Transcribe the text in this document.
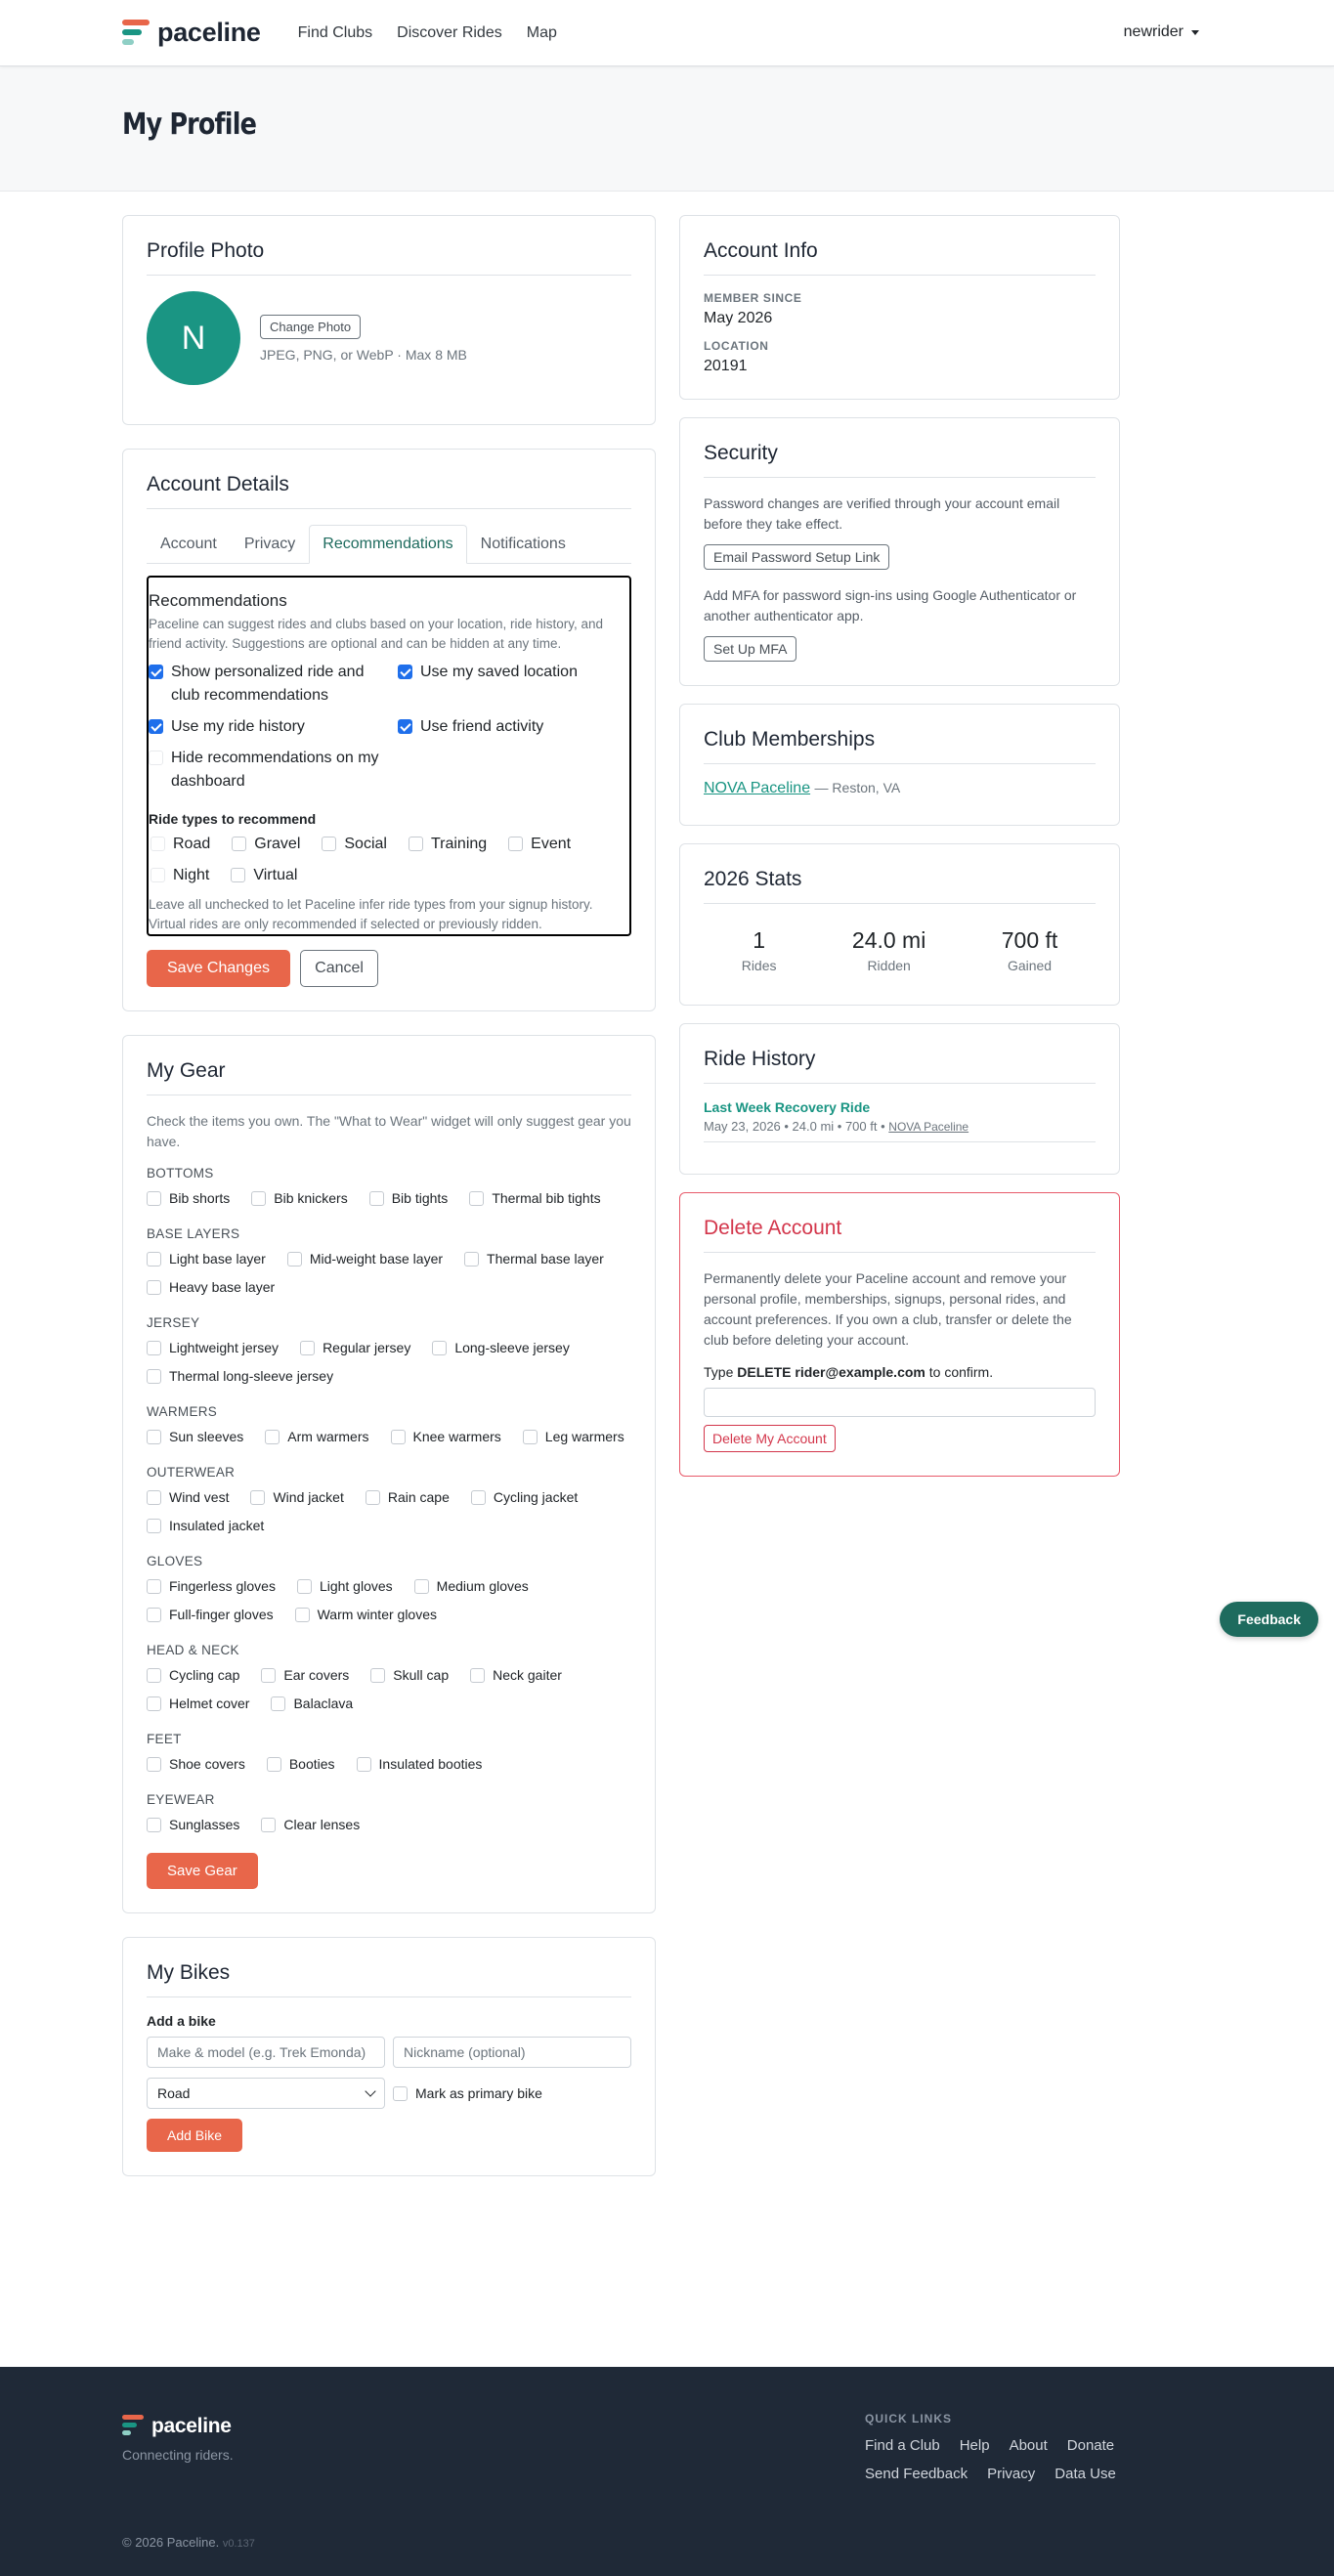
paceline Find Clubs Discover Rides Map	newrider
My Profile
Profile Photo
N	Change Photo
JPEG, PNG, or WebP · Max 8 MB
Account Details
Account	Privacy	Recommendations	Notifications
Recommendations
Paceline can suggest rides and clubs based on your location, ride history, and friend activity. Suggestions are optional and can be hidden at any time.
Show personalized ride and club recommendations
Use my saved location
Use my ride history	Use friend activity
Hide recommendations on my dashboard
Ride types to recommend
Road	Gravel	Social	Training	Event
Night	Virtual
Leave all unchecked to let Paceline infer ride types from your signup history. Virtual rides are only recommended if selected or previously ridden.
Save Changes	Cancel
My Gear
Check the items you own. The "What to Wear" widget will only suggest gear you have.
BOTTOMS
Bib shorts	Bib knickers	Bib tights	Thermal bib tights
BASE LAYERS
Light base layer	Mid-weight base layer	Thermal base layer
Heavy base layer
JERSEY
Lightweight jersey	Regular jersey	Long-sleeve jersey
Thermal long-sleeve jersey
WARMERS
Sun sleeves	Arm warmers	Knee warmers	Leg warmers
OUTERWEAR
Wind vest	Wind jacket	Rain cape	Cycling jacket
Insulated jacket
GLOVES
Fingerless gloves	Light gloves	Medium gloves
Full-finger gloves	Warm winter gloves
HEAD & NECK
Cycling cap	Ear covers	Skull cap	Neck gaiter
Helmet cover	Balaclava
FEET
Shoe covers	Booties	Insulated booties
EYEWEAR
Sunglasses	Clear lenses
Save Gear
My Bikes
Add a bike
Make & model (e.g. Trek Emonda)	Nickname (optional)
Road	Mark as primary bike
Add Bike
Account Info
MEMBER SINCE
May 2026
LOCATION
20191
Security
Password changes are verified through your account email before they take effect.
Email Password Setup Link
Add MFA for password sign-ins using Google Authenticator or another authenticator app.
Set Up MFA
Club Memberships
NOVA Paceline — Reston, VA
2026 Stats
1
Rides
24.0 mi
Ridden
700 ft
Gained
Ride History
Last Week Recovery Ride
May 23, 2026 • 24.0 mi • 700 ft • NOVA Paceline
Delete Account
Permanently delete your Paceline account and remove your personal profile, memberships, signups, personal rides, and account preferences. If you own a club, transfer or delete the club before deleting your account.
Type DELETE rider@example.com to confirm.
Delete My Account
Feedback
paceline
Connecting riders.
QUICK LINKS
Find a Club Help About Donate
Send Feedback Privacy Data Use
© 2026 Paceline. v0.137
